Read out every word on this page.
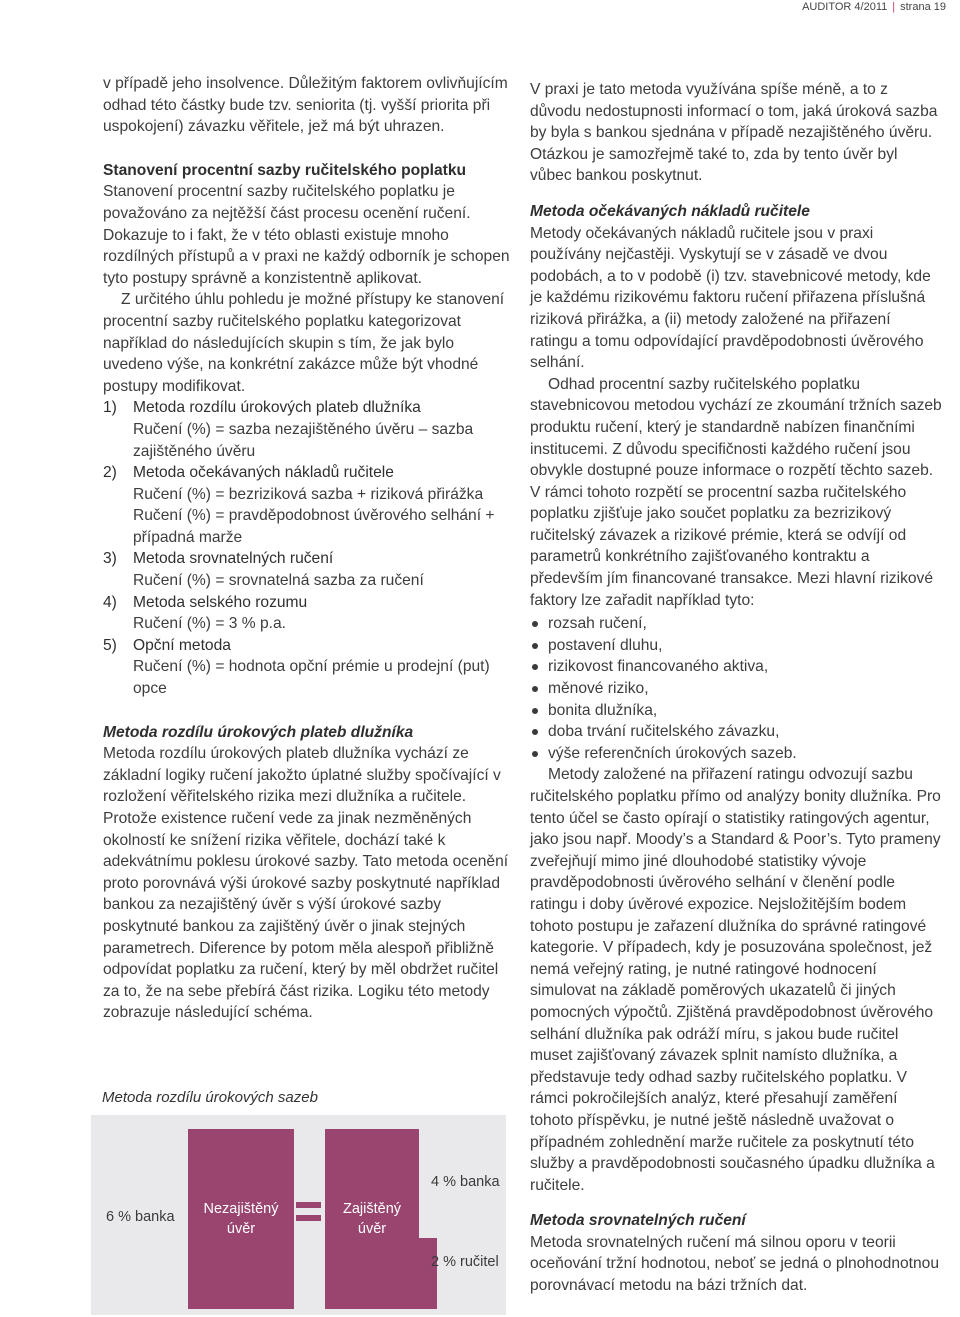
AUDITOR 4/2011 | strana 19

v případě jeho insolvence. Důležitým faktorem ovlivňujícím odhad této částky bude tzv. seniorita (tj. vyšší priorita při uspokojení) závazku věřitele, jež má být uhrazen.

Stanovení procentní sazby ručitelského poplatku

Stanovení procentní sazby ručitelského poplatku je považováno za nejtěžší část procesu ocenění ručení. Dokazuje to i fakt, že v této oblasti existuje mnoho rozdílných přístupů a v praxi ne každý odborník je schopen tyto postupy správně a konzistentně aplikovat.

Z určitého úhlu pohledu je možné přístupy ke stanovení procentní sazby ručitelského poplatku kategorizovat například do následujících skupin s tím, že jak bylo uvedeno výše, na konkrétní zakázce může být vhodné postupy modifikovat.

1) Metoda rozdílu úrokových plateb dlužníka
Ručení (%) = sazba nezajištěného úvěru – sazba zajištěného úvěru
2) Metoda očekávaných nákladů ručitele
Ručení (%) = bezriziková sazba + riziková přirážka
Ručení (%) = pravděpodobnost úvěrového selhání + případná marže
3) Metoda srovnatelných ručení
Ručení (%) = srovnatelná sazba za ručení
4) Metoda selského rozumu
Ručení (%) = 3 % p.a.
5) Opční metoda
Ručení (%) = hodnota opční prémie u prodejní (put) opce
Metoda rozdílu úrokových plateb dlužníka

Metoda rozdílu úrokových plateb dlužníka vychází ze základní logiky ručení jakožto úplatné služby spočívající v rozložení věřitelského rizika mezi dlužníka a ručitele. Protože existence ručení vede za jinak nezměněných okolností ke snížení rizika věřitele, dochází také k adekvátnímu poklesu úrokové sazby. Tato metoda ocenění proto porovnává výši úrokové sazby poskytnuté například bankou za nezajištěný úvěr s výší úrokové sazby poskytnuté bankou za zajištěný úvěr o jinak stejných parametrech. Diference by potom měla alespoň přibližně odpovídat poplatku za ručení, který by měl obdržet ručitel za to, že na sebe přebírá část rizika. Logiku této metody zobrazuje následující schéma.

Metoda rozdílu úrokových sazeb
6 % banka Nezajištěný úvěr
Zajištěný úvěr
4 % banka
2 % ručitel

V praxi je tato metoda využívána spíše méně, a to z důvodu nedostupnosti informací o tom, jaká úroková sazba by byla s bankou sjednána v případě nezajištěného úvěru. Otázkou je samozřejmě také to, zda by tento úvěr byl vůbec bankou poskytnut.

Metoda očekávaných nákladů ručitele

Metody očekávaných nákladů ručitele jsou v praxi používány nejčastěji. Vyskytují se v zásadě ve dvou podobách, a to v podobě (i) tzv. stavebnicové metody, kde je každému rizikovému faktoru ručení přiřazena příslušná riziková přirážka, a (ii) metody založené na přiřazení ratingu a tomu odpovídající pravděpodobnosti úvěrového selhání.

Odhad procentní sazby ručitelského poplatku stavebnicovou metodou vychází ze zkoumání tržních sazeb produktu ručení, který je standardně nabízen finančními institucemi. Z důvodu specifičnosti každého ručení jsou obvykle dostupné pouze informace o rozpětí těchto sazeb. V rámci tohoto rozpětí se procentní sazba ručitelského poplatku zjišťuje jako součet poplatku za bezrizikový ručitelský závazek a rizikové prémie, která se odvíjí od parametrů konkrétního zajišťovaného kontraktu a především jím financované transakce. Mezi hlavní rizikové faktory lze zařadit například tyto:

rozsah ručení,
postavení dluhu,
rizikovost financovaného aktiva,
měnové riziko,
bonita dlužníka,
doba trvání ručitelského závazku,
výše referenčních úrokových sazeb.

Metody založené na přiřazení ratingu odvozují sazbu ručitelského poplatku přímo od analýzy bonity dlužníka. Pro tento účel se často opírají o statistiky ratingových agentur, jako jsou např. Moody’s a Standard & Poor’s. Tyto prameny zveřejňují mimo jiné dlouhodobé statistiky vývoje pravděpodobnosti úvěrového selhání v členění podle ratingu i doby úvěrové expozice. Nejsložitějším bodem tohoto postupu je zařazení dlužníka do správné ratingové kategorie. V případech, kdy je posuzována společnost, jež nemá veřejný rating, je nutné ratingové hodnocení simulovat na základě poměrových ukazatelů či jiných pomocných výpočtů. Zjištěná pravděpodobnost úvěrového selhání dlužníka pak odráží míru, s jakou bude ručitel muset zajišťovaný závazek splnit namísto dlužníka, a představuje tedy odhad sazby ručitelského poplatku. V rámci pokročilejších analýz, které přesahují zaměření tohoto příspěvku, je nutné ještě následně uvažovat o případném zohlednění marže ručitele za poskytnutí této služby a pravděpodobnosti současného úpadku dlužníka a ručitele.

Metoda srovnatelných ručení

Metoda srovnatelných ručení má silnou oporu v teorii oceňování tržní hodnotou, neboť se jedná o plnohodnotnou porovnávací metodu na bázi tržních dat.
